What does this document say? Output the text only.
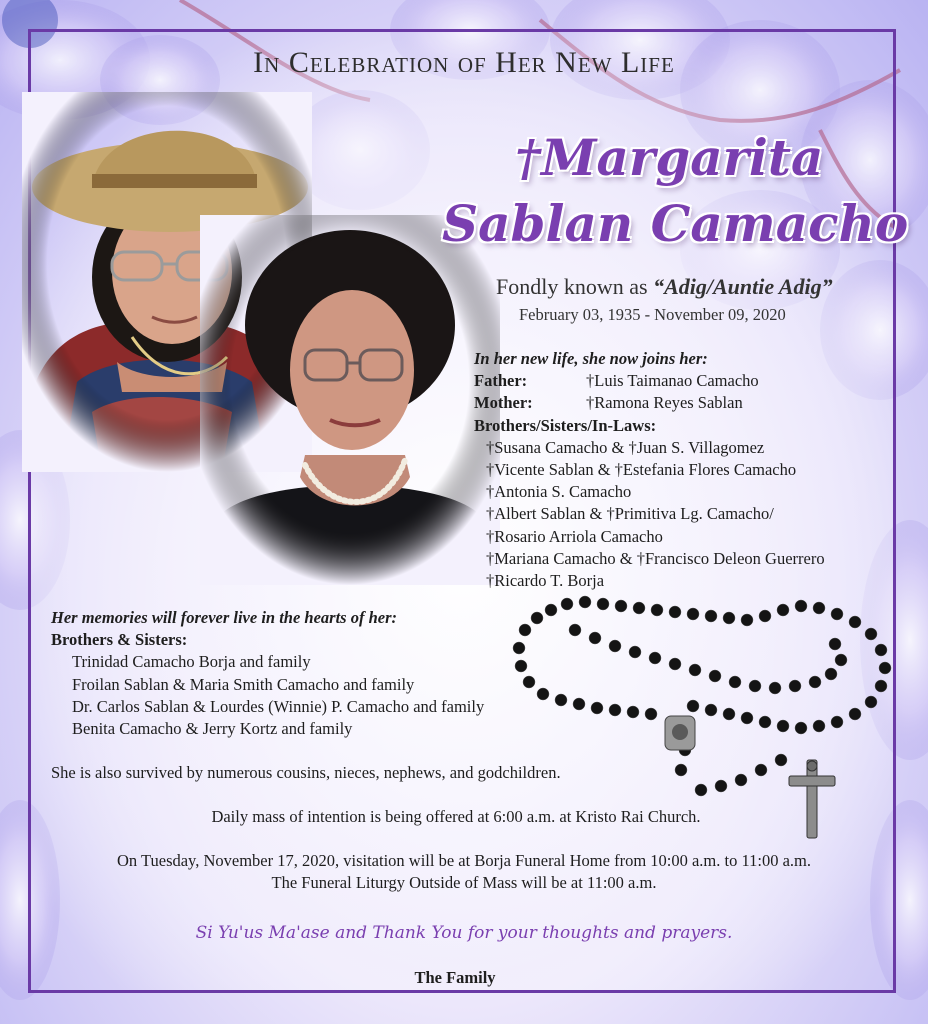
In Celebration of Her New Life
†Margarita
Sablan Camacho
Fondly known as “Adig/Auntie Adig”
February 03, 1935 - November 09, 2020
In her new life, she now joins her:
Father:	†Luis Taimanao Camacho
Mother:	†Ramona Reyes Sablan
Brothers/Sisters/In-Laws:
†Susana Camacho & †Juan S. Villagomez
†Vicente Sablan & †Estefania Flores Camacho
†Antonia S. Camacho
†Albert Sablan & †Primitiva Lg. Camacho/
†Rosario Arriola Camacho
†Mariana Camacho & †Francisco Deleon Guerrero
†Ricardo T. Borja
Her memories will forever live in the hearts of her:
Brothers & Sisters:
Trinidad Camacho Borja and family
Froilan Sablan & Maria Smith Camacho and family
Dr. Carlos Sablan & Lourdes (Winnie) P. Camacho and family
Benita Camacho & Jerry Kortz and family
She is also survived by numerous cousins, nieces, nephews, and godchildren.
Daily mass of intention is being offered at 6:00 a.m. at Kristo Rai Church.
On Tuesday, November 17, 2020, visitation will be at Borja Funeral Home from 10:00 a.m. to 11:00 a.m.
The Funeral Liturgy Outside of Mass will be at 11:00 a.m.
Si Yu'us Ma'ase and Thank You for your thoughts and prayers.
The Family
